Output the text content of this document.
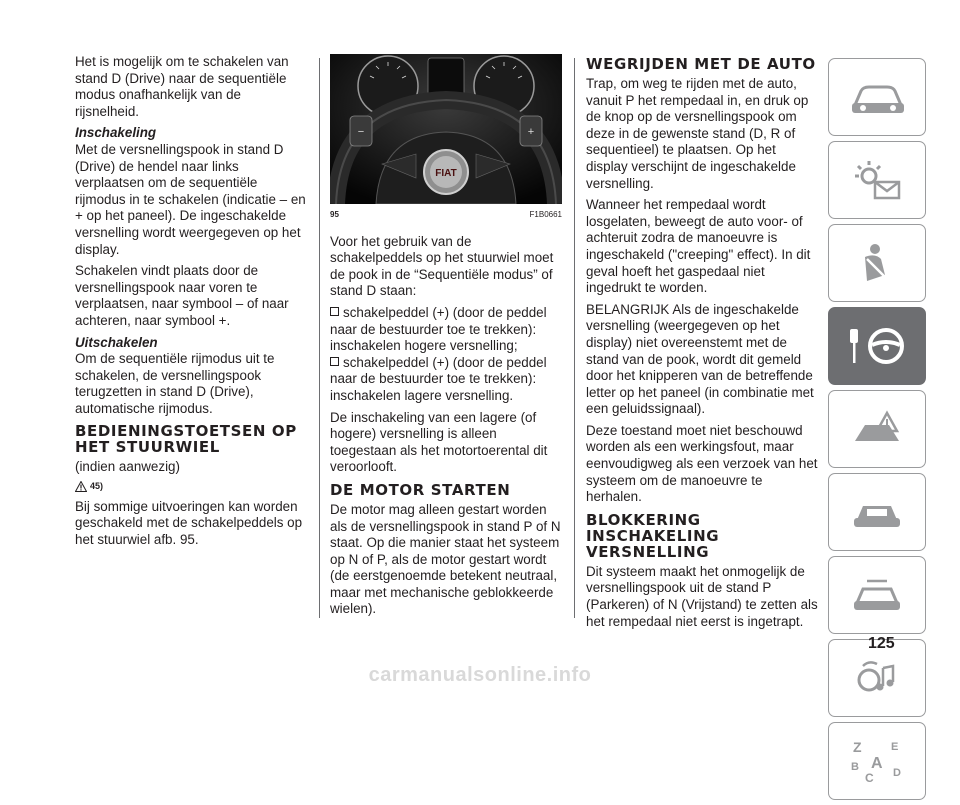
Het is mogelijk om te schakelen van stand D (Drive) naar de sequentiële modus onafhankelijk van de rijsnelheid.

Inschakeling

Met de versnellingspook in stand D (Drive) de hendel naar links verplaatsen om de sequentiële rijmodus in te schakelen (indicatie – en + op het paneel). De ingeschakelde versnelling wordt weergegeven op het display.

Schakelen vindt plaats door de versnellingspook naar voren te verplaatsen, naar symbool – of naar achteren, naar symbool +.

Uitschakelen

Om de sequentiële rijmodus uit te schakelen, de versnellingspook terugzetten in stand D (Drive), automatische rijmodus.

BEDIENINGSTOETSEN OP HET STUURWIEL

(indien aanwezig)

45)

Bij sommige uitvoeringen kan worden geschakeld met de schakelpeddels op het stuurwiel afb. 95.

−	+
FIAT
95	F1B0661

Voor het gebruik van de schakelpeddels op het stuurwiel moet de pook in de “Sequentiële modus” of stand D staan:

schakelpeddel (+) (door de peddel naar de bestuurder toe te trekken): inschakelen hogere versnelling;

schakelpeddel (+) (door de peddel naar de bestuurder toe te trekken): inschakelen lagere versnelling.

De inschakeling van een lagere (of hogere) versnelling is alleen toegestaan als het motortoerental dit veroorlooft.

DE MOTOR STARTEN

De motor mag alleen gestart worden als de versnellingspook in stand P of N staat. Op die manier staat het systeem op N of P, als de motor gestart wordt (de eerstgenoemde betekent neutraal, maar met mechanische geblokkeerde wielen).

WEGRIJDEN MET DE AUTO

Trap, om weg te rijden met de auto, vanuit P het rempedaal in, en druk op de knop op de versnellingspook om deze in de gewenste stand (D, R of sequentieel) te plaatsen. Op het display verschijnt de ingeschakelde versnelling.

Wanneer het rempedaal wordt losgelaten, beweegt de auto voor- of achteruit zodra de manoeuvre is ingeschakeld ("creeping" effect). In dit geval hoeft het gaspedaal niet ingedrukt te worden.

BELANGRIJK Als de ingeschakelde versnelling (weergegeven op het display) niet overeenstemt met de stand van de pook, wordt dit gemeld door het knipperen van de betreffende letter op het paneel (in combinatie met een geluidssignaal).

Deze toestand moet niet beschouwd worden als een werkingsfout, maar eenvoudigweg als een verzoek van het systeem om de manoeuvre te herhalen.

BLOKKERING INSCHAKELING VERSNELLING

Dit systeem maakt het onmogelijk de versnellingspook uit de stand P (Parkeren) of N (Vrijstand) te zetten als het rempedaal niet eerst is ingetrapt.

Z	E
A
B
C D
125
carmanualsonline.info
